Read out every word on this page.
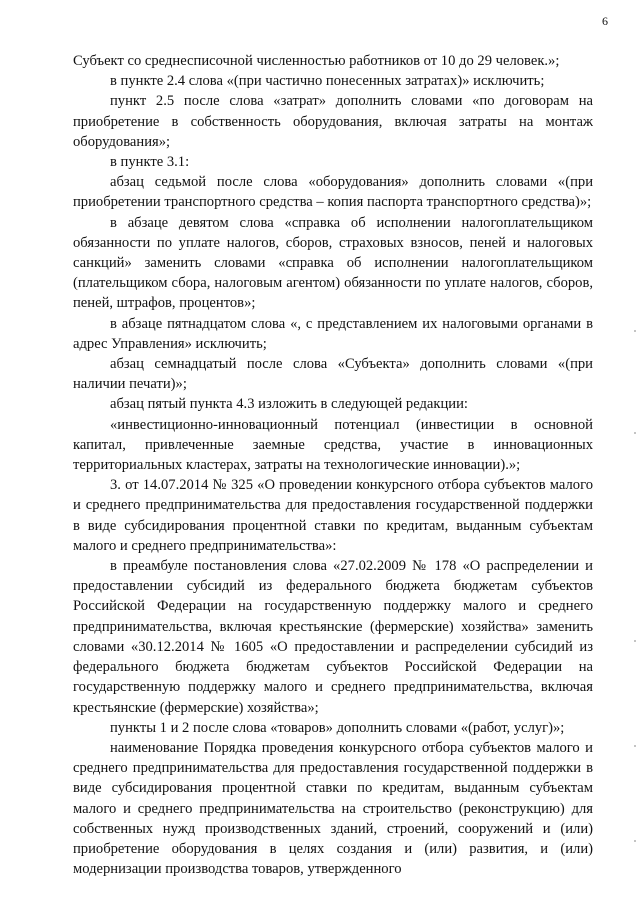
6

Субъект со среднесписочной численностью работников от 10 до 29 человек.»;

в пункте 2.4 слова «(при частично понесенных затратах)» исключить;

пункт 2.5 после слова «затрат» дополнить словами «по договорам на приобретение в собственность оборудования, включая затраты на монтаж оборудования»;

в пункте 3.1:

абзац седьмой после слова «оборудования» дополнить словами «(при приобретении транспортного средства – копия паспорта транспортного средства)»;

в абзаце девятом слова «справка об исполнении налогоплательщиком обязанности по уплате налогов, сборов, страховых взносов, пеней и налоговых санкций» заменить словами «справка об исполнении налогоплательщиком (плательщиком сбора, налоговым агентом) обязанности по уплате налогов, сборов, пеней, штрафов, процентов»;

в абзаце пятнадцатом слова «, с представлением их налоговыми органами в адрес Управления» исключить;

абзац семнадцатый после слова «Субъекта» дополнить словами «(при наличии печати)»;

абзац пятый пункта 4.3 изложить в следующей редакции:

«инвестиционно-инновационный потенциал (инвестиции в основной капитал, привлеченные заемные средства, участие в инновационных территориальных кластерах, затраты на технологические инновации).»;

3. от 14.07.2014 № 325 «О проведении конкурсного отбора субъектов малого и среднего предпринимательства для предоставления государственной поддержки в виде субсидирования процентной ставки по кредитам, выданным субъектам малого и среднего предпринимательства»:

в преамбуле постановления слова «27.02.2009 № 178 «О распределении и предоставлении субсидий из федерального бюджета бюджетам субъектов Российской Федерации на государственную поддержку малого и среднего предпринимательства, включая крестьянские (фермерские) хозяйства» заменить словами «30.12.2014 № 1605 «О предоставлении и распределении субсидий из федерального бюджета бюджетам субъектов Российской Федерации на государственную поддержку малого и среднего предпринимательства, включая крестьянские (фермерские) хозяйства»;

пункты 1 и 2 после слова «товаров» дополнить словами «(работ, услуг)»;

наименование Порядка проведения конкурсного отбора субъектов малого и среднего предпринимательства для предоставления государственной поддержки в виде субсидирования процентной ставки по кредитам, выданным субъектам малого и среднего предпринимательства на строительство (реконструкцию) для собственных нужд производственных зданий, строений, сооружений и (или) приобретение оборудования в целях создания и (или) развития, и (или) модернизации производства товаров, утвержденного
